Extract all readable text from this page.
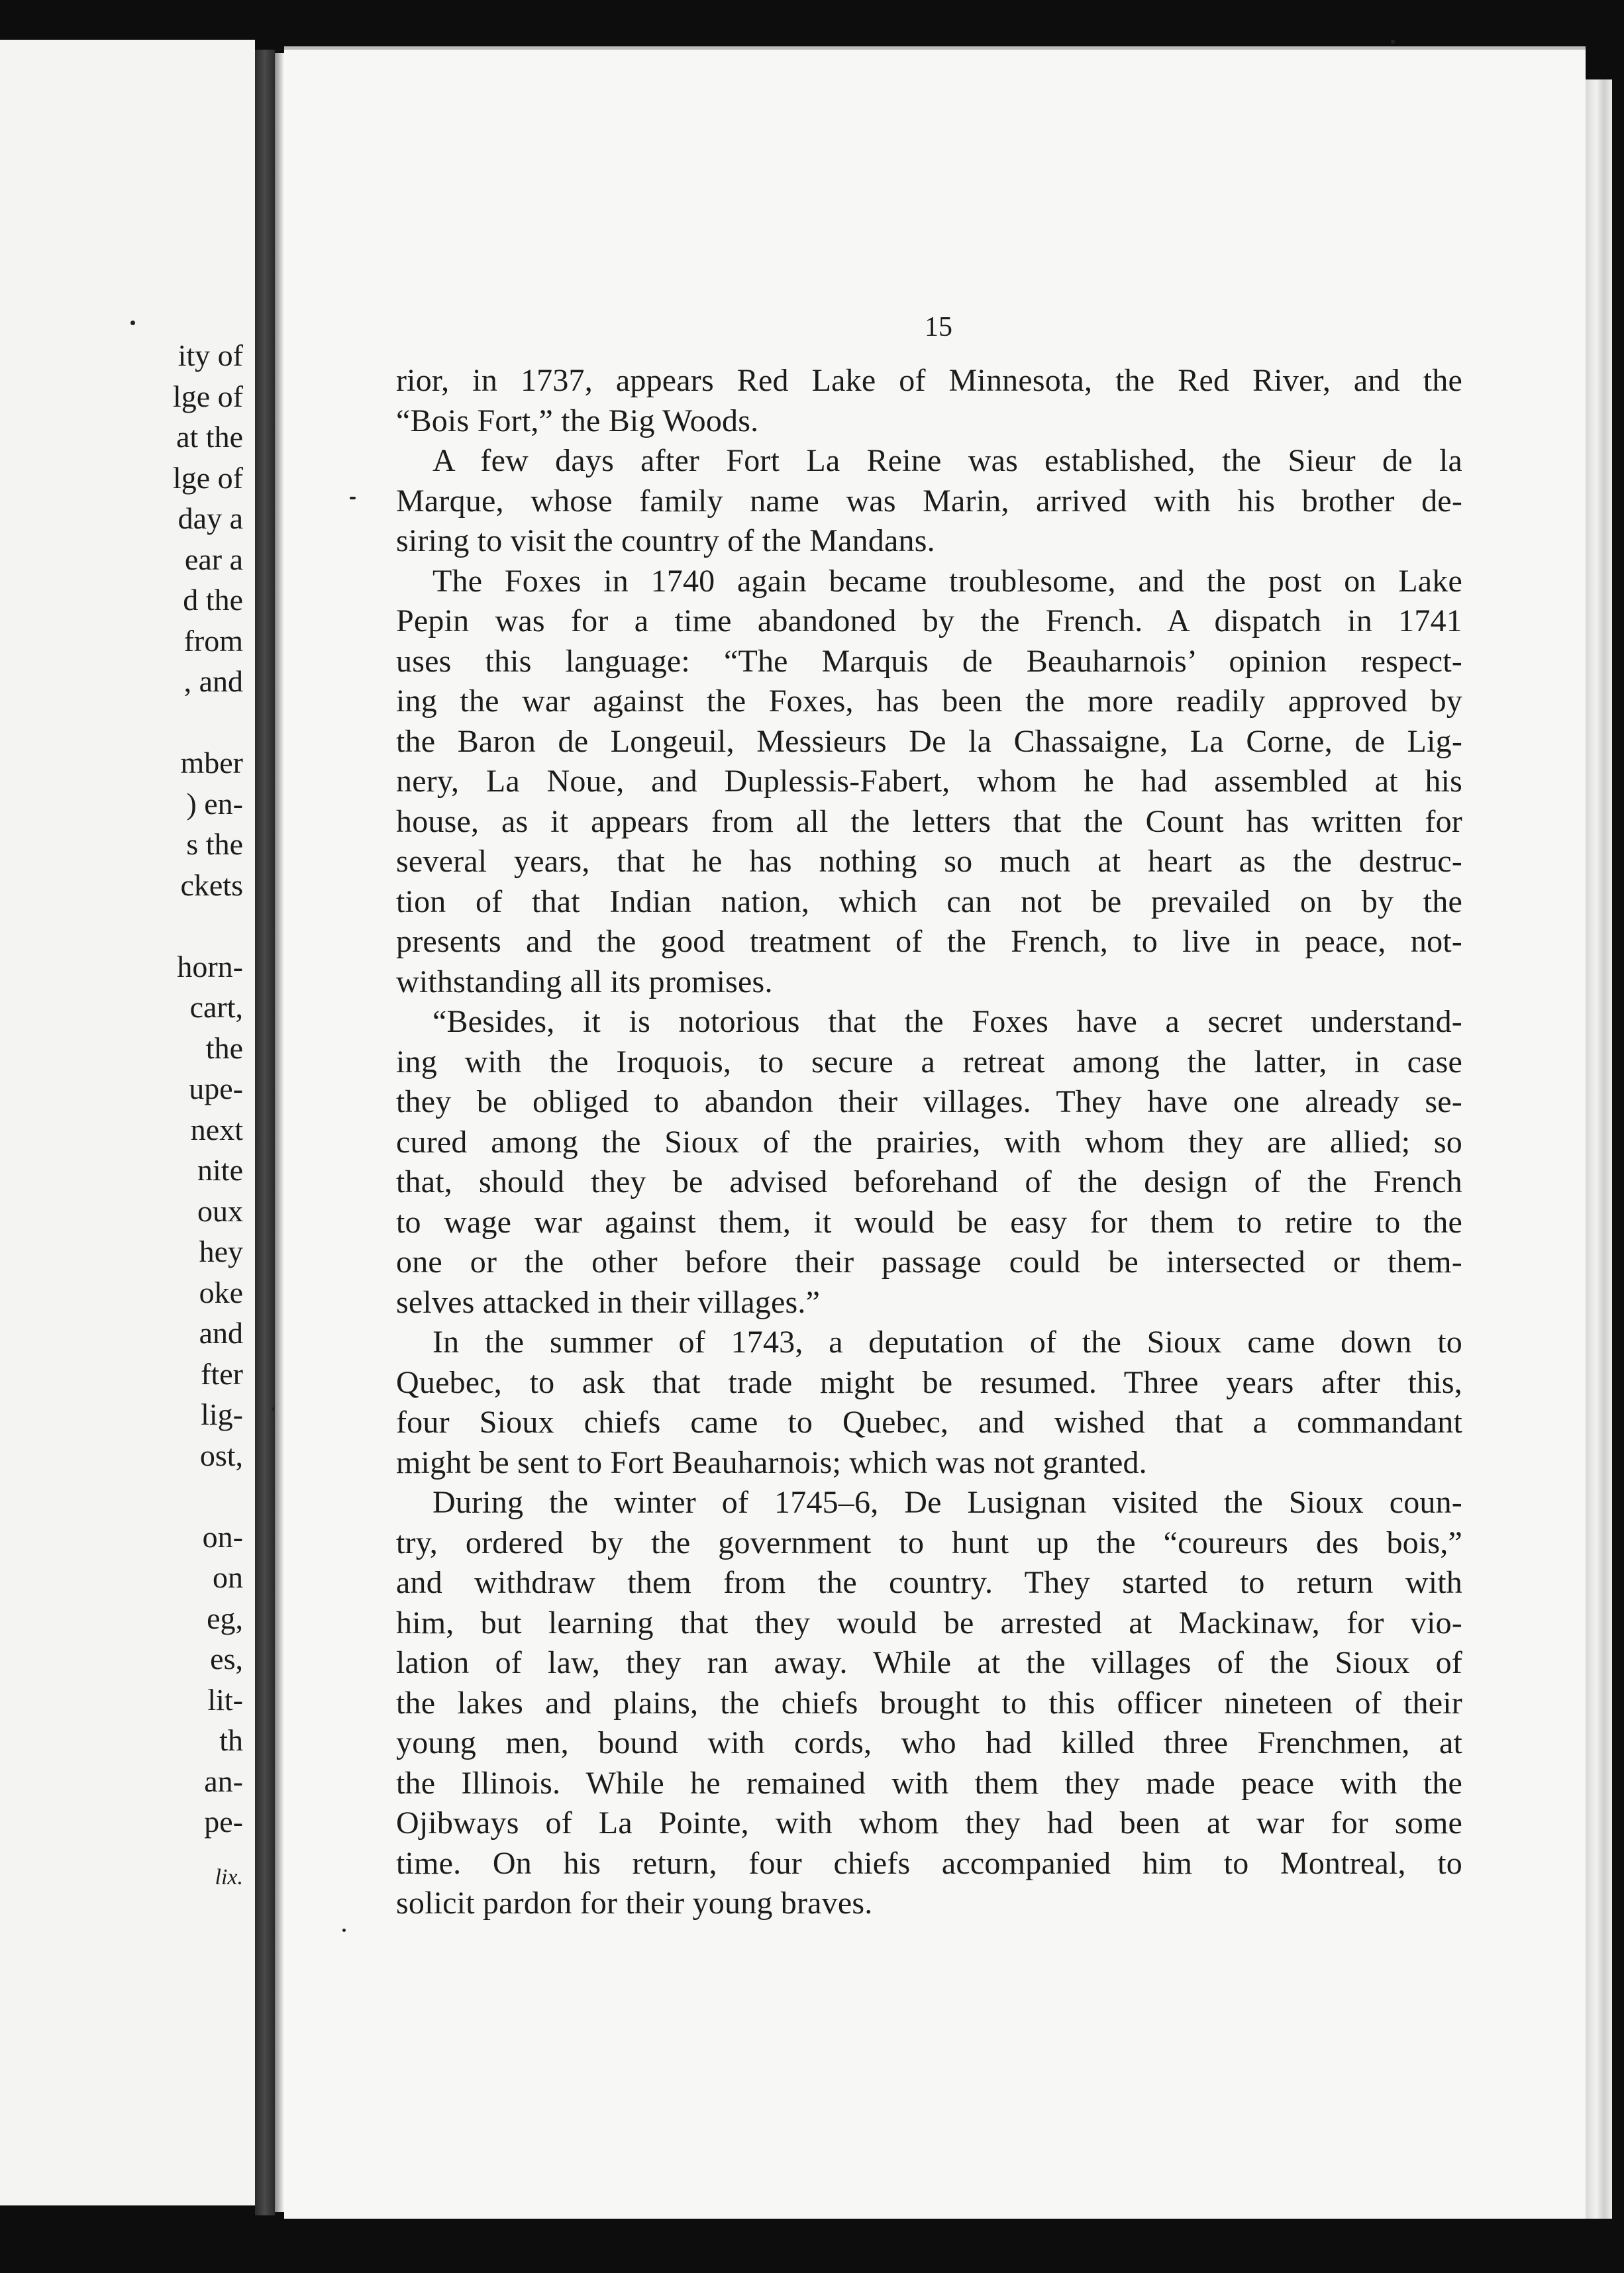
ity of
lge of
at the
lge of
day a
ear a
d the
from
, and
mber
) en-
s the
ckets
horn-
cart,
the
upe-
next
nite
oux
hey
oke
and
fter
lig-
ost,
on-
on
eg,
es,
lit-
th
an-
pe-
lix.
15

rior, in 1737, appears Red Lake of Minnesota, the Red River, and the

“Bois Fort,” the Big Woods.

A few days after Fort La Reine was established, the Sieur de la

Marque, whose family name was Marin, arrived with his brother de-

siring to visit the country of the Mandans.

The Foxes in 1740 again became troublesome, and the post on Lake

Pepin was for a time abandoned by the French. A dispatch in 1741

uses this language: “The Marquis de Beauharnois’ opinion respect-

ing the war against the Foxes, has been the more readily approved by

the Baron de Longeuil, Messieurs De la Chassaigne, La Corne, de Lig-

nery, La Noue, and Duplessis-Fabert, whom he had assembled at his

house, as it appears from all the letters that the Count has written for

several years, that he has nothing so much at heart as the destruc-

tion of that Indian nation, which can not be prevailed on by the

presents and the good treatment of the French, to live in peace, not-

withstanding all its promises.

“Besides, it is notorious that the Foxes have a secret understand-

ing with the Iroquois, to secure a retreat among the latter, in case

they be obliged to abandon their villages. They have one already se-

cured among the Sioux of the prairies, with whom they are allied; so

that, should they be advised beforehand of the design of the French

to wage war against them, it would be easy for them to retire to the

one or the other before their passage could be intersected or them-

selves attacked in their villages.”

In the summer of 1743, a deputation of the Sioux came down to

Quebec, to ask that trade might be resumed. Three years after this,

four Sioux chiefs came to Quebec, and wished that a commandant

might be sent to Fort Beauharnois; which was not granted.

During the winter of 1745–6, De Lusignan visited the Sioux coun-

try, ordered by the government to hunt up the “coureurs des bois,”

and withdraw them from the country. They started to return with

him, but learning that they would be arrested at Mackinaw, for vio-

lation of law, they ran away. While at the villages of the Sioux of

the lakes and plains, the chiefs brought to this officer nineteen of their

young men, bound with cords, who had killed three Frenchmen, at

the Illinois. While he remained with them they made peace with the

Ojibways of La Pointe, with whom they had been at war for some

time. On his return, four chiefs accompanied him to Montreal, to

solicit pardon for their young braves.
